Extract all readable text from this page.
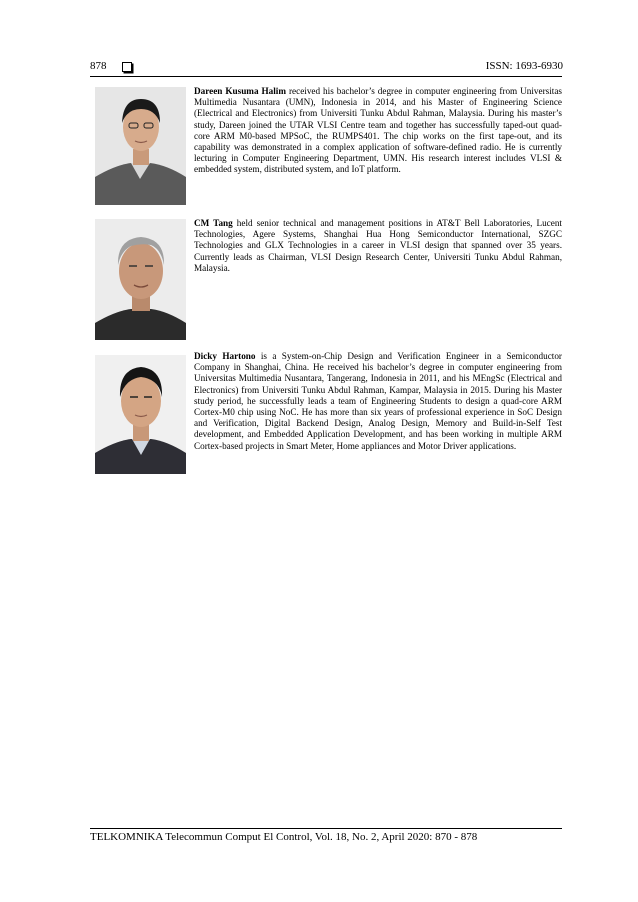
878	ISSN: 1693-6930

Dareen Kusuma Halim received his bachelor’s degree in computer engineering from Universitas Multimedia Nusantara (UMN), Indonesia in 2014, and his Master of Engineering Science (Electrical and Electronics) from Universiti Tunku Abdul Rahman, Malaysia. During his master’s study, Dareen joined the UTAR VLSI Centre team and together has successfully taped-out quad-core ARM M0-based MPSoC, the RUMPS401. The chip works on the first tape-out, and its capability was demonstrated in a complex application of software-defined radio. He is currently lecturing in Computer Engineering Department, UMN. His research interest includes VLSI & embedded system, distributed system, and IoT platform.

CM Tang held senior technical and management positions in AT&T Bell Laboratories, Lucent Technologies, Agere Systems, Shanghai Hua Hong Semiconductor International, SZGC Technologies and GLX Technologies in a career in VLSI design that spanned over 35 years. Currently leads as Chairman, VLSI Design Research Center, Universiti Tunku Abdul Rahman, Malaysia.

Dicky Hartono is a System-on-Chip Design and Verification Engineer in a Semiconductor Company in Shanghai, China. He received his bachelor’s degree in computer engineering from Universitas Multimedia Nusantara, Tangerang, Indonesia in 2011, and his MEngSc (Electrical and Electronics) from Universiti Tunku Abdul Rahman, Kampar, Malaysia in 2015. During his Master study period, he successfully leads a team of Engineering Students to design a quad-core ARM Cortex-M0 chip using NoC. He has more than six years of professional experience in SoC Design and Verification, Digital Backend Design, Analog Design, Memory and Build-in-Self Test development, and Embedded Application Development, and has been working in multiple ARM Cortex-based projects in Smart Meter, Home appliances and Motor Driver applications.

TELKOMNIKA Telecommun Comput El Control, Vol. 18, No. 2, April 2020: 870 - 878
